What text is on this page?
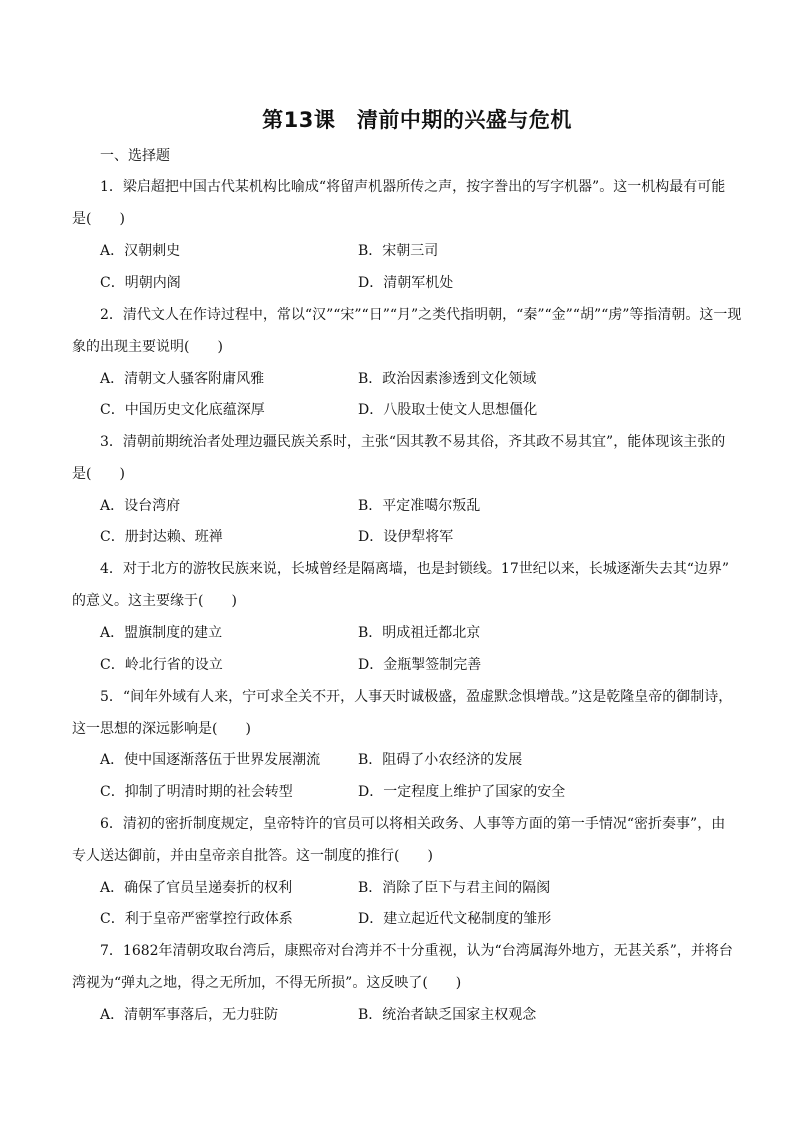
第13课　清前中期的兴盛与危机
一、选择题
1．梁启超把中国古代某机构比喻成“将留声机器所传之声，按字誊出的写字机器”。这一机构最有可能
是(　　)
A．汉朝刺史	B．宋朝三司
C．明朝内阁	D．清朝军机处
2．清代文人在作诗过程中，常以“汉”“宋”“日”“月”之类代指明朝，“秦”“金”“胡”“虏”等指清朝。这一现
象的出现主要说明(　　)
A．清朝文人骚客附庸风雅	B．政治因素渗透到文化领域
C．中国历史文化底蕴深厚	D．八股取士使文人思想僵化
3．清朝前期统治者处理边疆民族关系时，主张“因其教不易其俗，齐其政不易其宜”，能体现该主张的
是(　　)
A．设台湾府	B．平定准噶尔叛乱
C．册封达赖、班禅	D．设伊犁将军
4．对于北方的游牧民族来说，长城曾经是隔离墙，也是封锁线。17世纪以来，长城逐渐失去其“边界”
的意义。这主要缘于(　　)
A．盟旗制度的建立	B．明成祖迁都北京
C．岭北行省的设立	D．金瓶掣签制完善
5．“间年外域有人来，宁可求全关不开，人事天时诚极盛，盈虚默念惧增哉。”这是乾隆皇帝的御制诗，
这一思想的深远影响是(　　)
A．使中国逐渐落伍于世界发展潮流	B．阻碍了小农经济的发展
C．抑制了明清时期的社会转型	D．一定程度上维护了国家的安全
6．清初的密折制度规定，皇帝特许的官员可以将相关政务、人事等方面的第一手情况“密折奏事”，由
专人送达御前，并由皇帝亲自批答。这一制度的推行(　　)
A．确保了官员呈递奏折的权利	B．消除了臣下与君主间的隔阂
C．利于皇帝严密掌控行政体系	D．建立起近代文秘制度的雏形
7．1682年清朝攻取台湾后，康熙帝对台湾并不十分重视，认为“台湾属海外地方，无甚关系”，并将台
湾视为“弹丸之地，得之无所加，不得无所损”。这反映了(　　)
A．清朝军事落后，无力驻防	B．统治者缺乏国家主权观念
